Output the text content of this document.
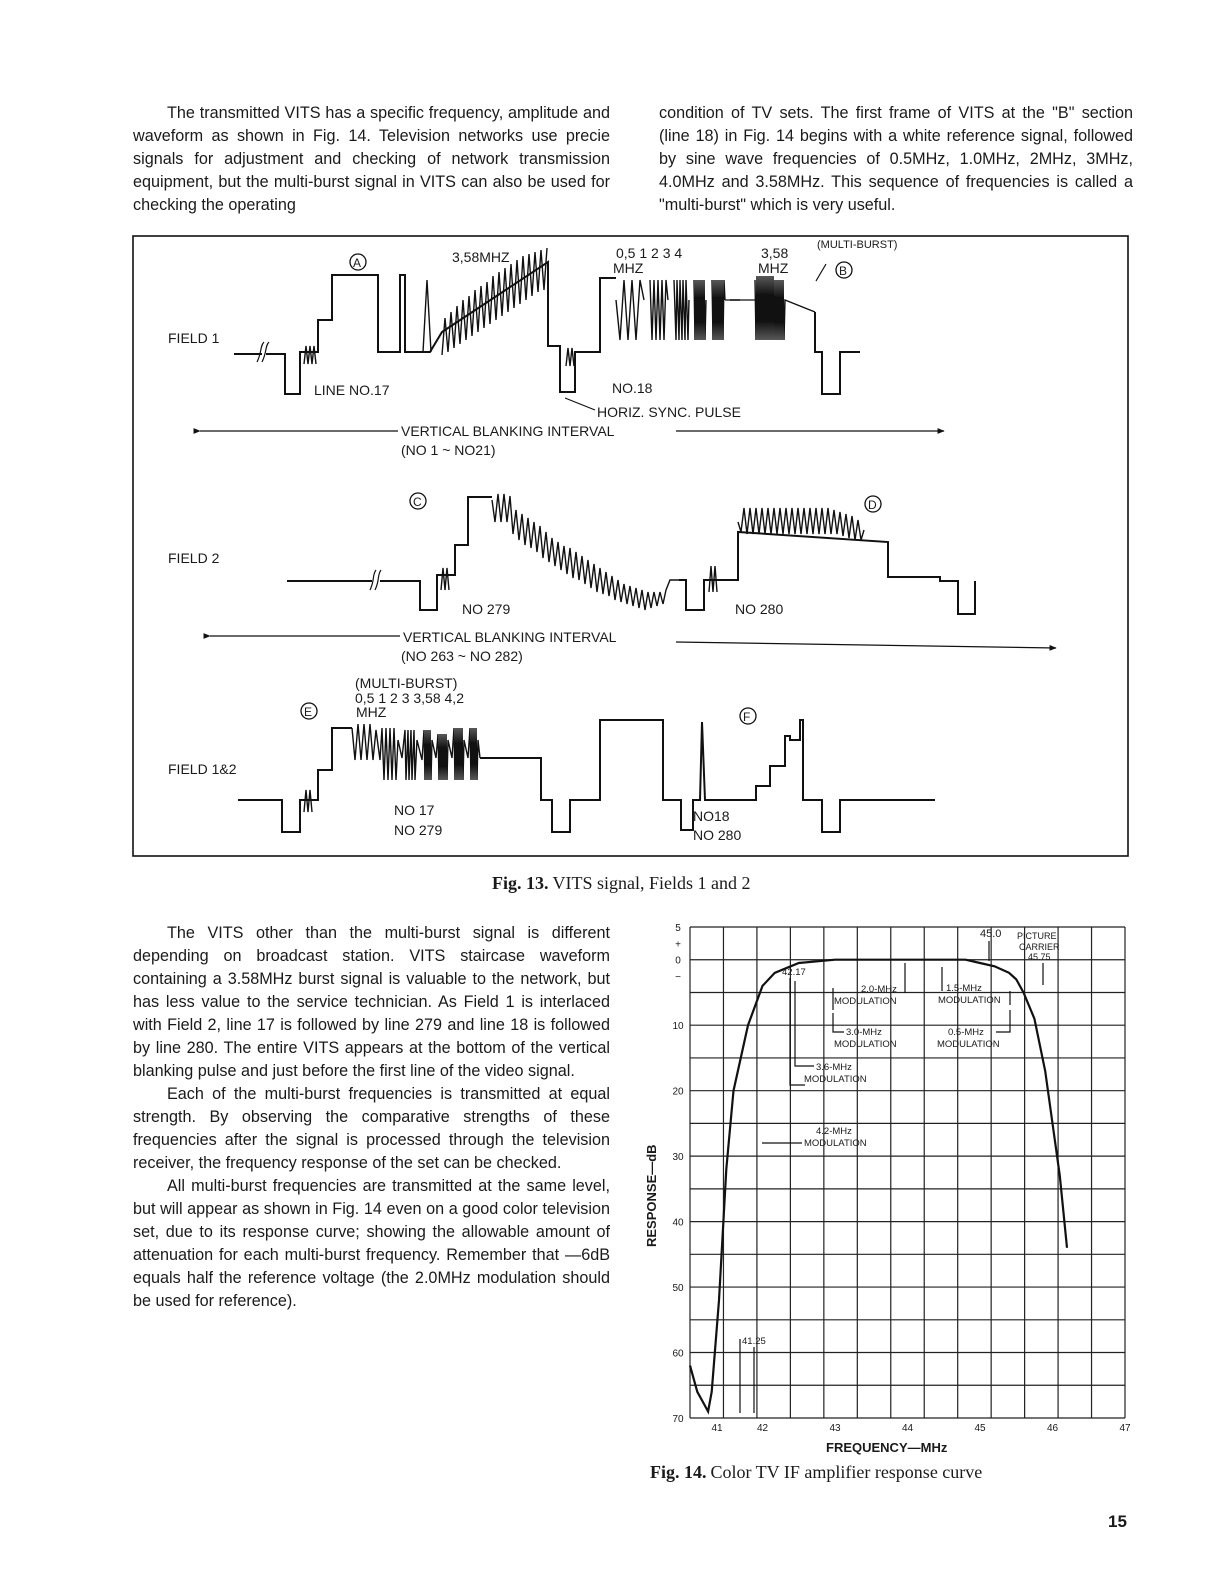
The transmitted VITS has a specific frequency, amplitude and waveform as shown in Fig. 14. Television networks use precie signals for adjustment and checking of network transmission equipment, but the multi-burst signal in VITS can also be used for checking the operating

condition of TV sets. The first frame of VITS at the "B" section (line 18) in Fig. 14 begins with a white reference signal, followed by sine wave frequencies of 0.5MHz, 1.0MHz, 2MHz, 3MHz, 4.0MHz and 3.58MHz. This sequence of frequencies is called a "multi-burst" which is very useful.

FIELD 1
A	3,58MHZ	0,5 1 2 3 4
MHZ
3,58
MHZ
(MULTI-BURST)
B
LINE NO.17	NO.18
HORIZ. SYNC. PULSE
VERTICAL BLANKING INTERVAL
(NO 1 ~ NO21)
FIELD 2
C	D
NO 279	NO 280
VERTICAL BLANKING INTERVAL
(NO 263 ~ NO 282)
(MULTI-BURST)
0,5 1 2 3 3,58 4,2
MHZ
E
FIELD 1&2
F
NO 17
NO 279
NO18
NO 280
Fig. 13. VITS signal, Fields 1 and 2

The VITS other than the multi-burst signal is different depending on broadcast station. VITS staircase waveform containing a 3.58MHz burst signal is valuable to the network, but has less value to the service technician. As Field 1 is interlaced with Field 2, line 17 is followed by line 279 and line 18 is followed by line 280. The entire VITS appears at the bottom of the vertical blanking pulse and just before the first line of the video signal.

Each of the multi-burst frequencies is transmitted at equal strength. By observing the comparative strengths of these frequencies after the signal is processed through the television receiver, the frequency response of the set can be checked.

All multi-burst frequencies are transmitted at the same level, but will appear as shown in Fig. 14 even on a good color television set, due to its response curve; showing the allowable amount of attenuation for each multi-burst frequency. Remember that —6dB equals half the reference voltage (the 2.0MHz modulation should be used for reference).

5
+
0
−
10
20
30
40
50
60
70
41	42	43	44	45	46	47
42.17
2.0-MHz
MODULATION
1.5-MHz
MODULATION
3.0-MHz
MODULATION
0.5-MHz
MODULATION
3.6-MHz
MODULATION
4.2-MHz
MODULATION
41.25
45.0 PICTURE
CARRIER
45.75
RESPONSE—dB
FREQUENCY—MHz
Fig. 14. Color TV IF amplifier response curve
15
